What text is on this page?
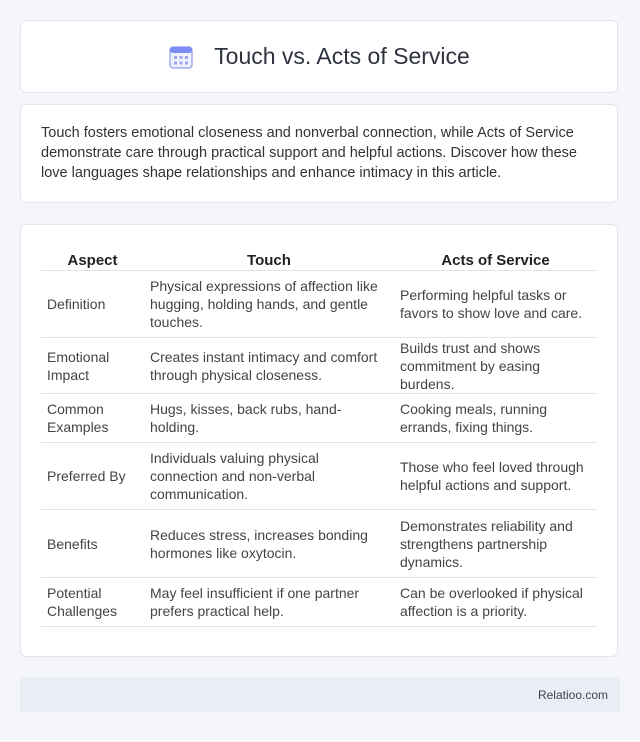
Touch vs. Acts of Service

Touch fosters emotional closeness and nonverbal connection, while Acts of Service demonstrate care through practical support and helpful actions. Discover how these love languages shape relationships and enhance intimacy in this article.

Aspect	Touch	Acts of Service
Definition	Physical expressions of affection like hugging, holding hands, and gentle touches.	Performing helpful tasks or favors to show love and care.
Emotional Impact	Creates instant intimacy and comfort through physical closeness.	Builds trust and shows commitment by easing burdens.
Common Examples	Hugs, kisses, back rubs, hand-holding.	Cooking meals, running errands, fixing things.
Preferred By	Individuals valuing physical connection and non-verbal communication.	Those who feel loved through helpful actions and support.
Benefits	Reduces stress, increases bonding hormones like oxytocin.	Demonstrates reliability and strengthens partnership dynamics.
Potential Challenges	May feel insufficient if one partner prefers practical help.	Can be overlooked if physical affection is a priority.
Relatioo.com
